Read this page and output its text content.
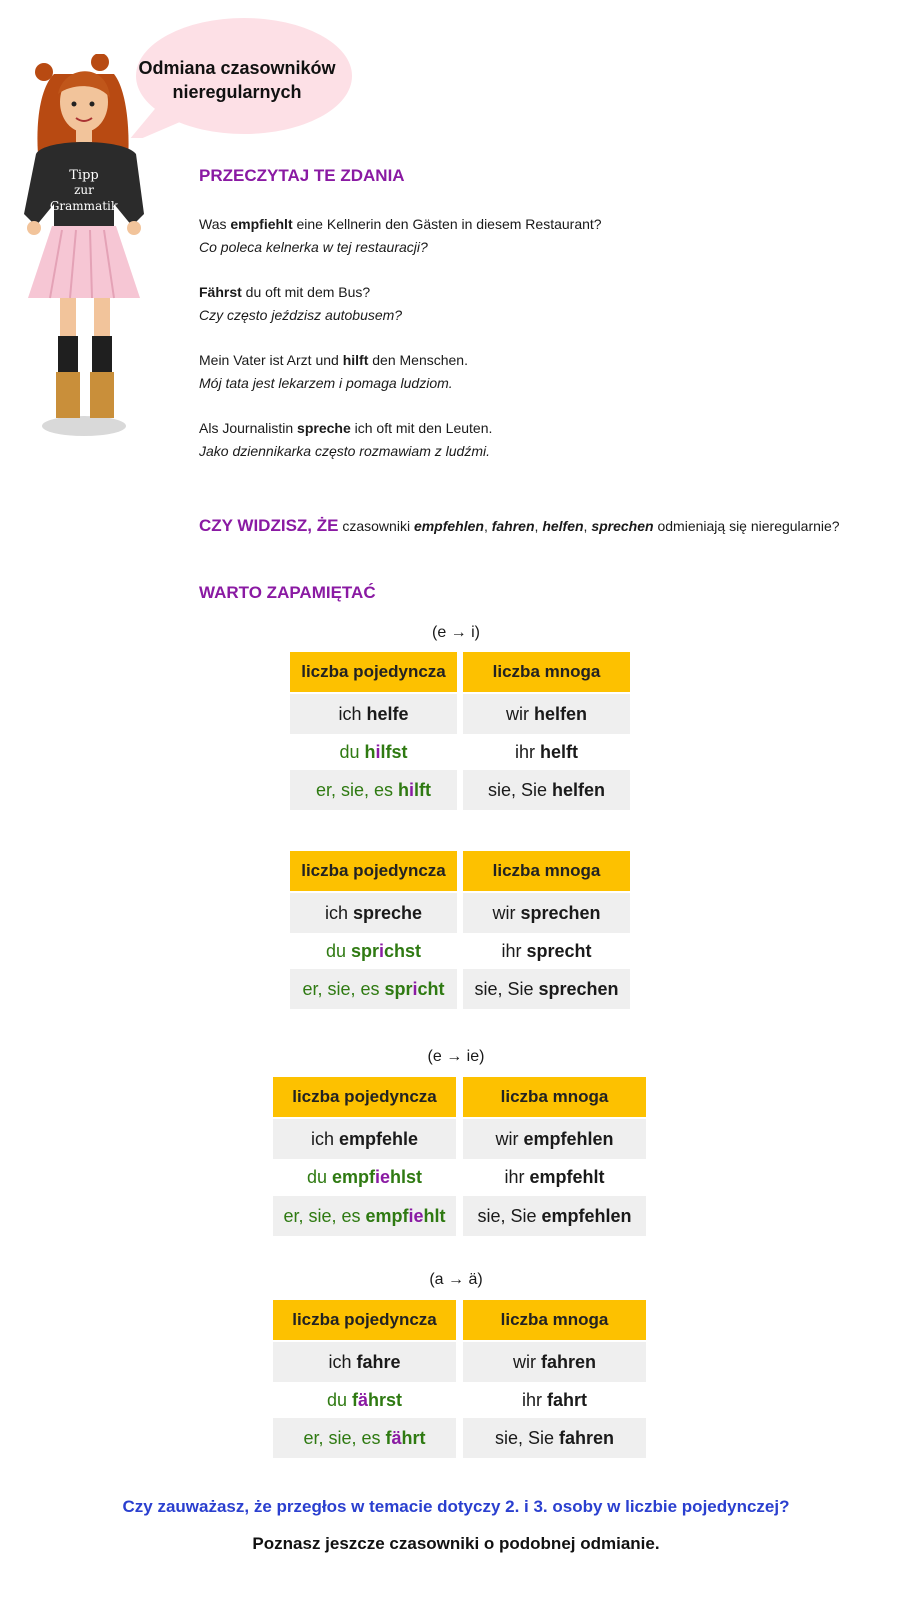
Odmiana czasowników
nieregularnych
Tipp
zur
Grammatik
PRZECZYTAJ TE ZDANIA
Was empfiehlt eine Kellnerin den Gästen in diesem Restaurant?
Co poleca kelnerka w tej restauracji?
Fährst du oft mit dem Bus?
Czy często jeździsz autobusem?
Mein Vater ist Arzt und hilft den Menschen.
Mój tata jest lekarzem i pomaga ludziom.
Als Journalistin spreche ich oft mit den Leuten.
Jako dziennikarka często rozmawiam z ludźmi.
CZY WIDZISZ, ŻE czasowniki empfehlen, fahren, helfen, sprechen odmieniają się nieregularnie?
WARTO ZAPAMIĘTAĆ
(e → i)
liczba pojedyncza	liczba mnoga
ich helfe	wir helfen
du hilfst	ihr helft
er, sie, es hilft	sie, Sie helfen
liczba pojedyncza	liczba mnoga
ich spreche	wir sprechen
du sprichst	ihr sprecht
er, sie, es spricht	sie, Sie sprechen
(e → ie)
liczba pojedyncza	liczba mnoga
ich empfehle	wir empfehlen
du empfiehlst	ihr empfehlt
er, sie, es empfiehlt	sie, Sie empfehlen
(a → ä)
liczba pojedyncza	liczba mnoga
ich fahre	wir fahren
du fährst	ihr fahrt
er, sie, es fährt	sie, Sie fahren
Czy zauważasz, że przegłos w temacie dotyczy 2. i 3. osoby w liczbie pojedynczej?
Poznasz jeszcze czasowniki o podobnej odmianie.
